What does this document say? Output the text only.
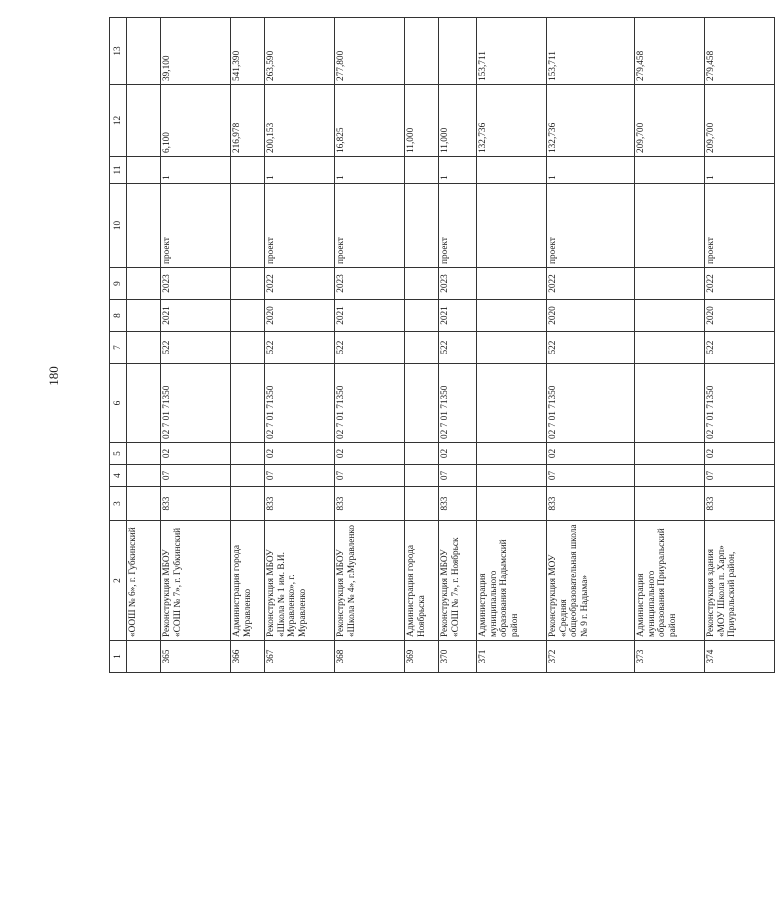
180
1	2	3	4	5	6	7	8	9	10	11	12	13
	«ООШ № 6», г. Губкинский											
365	Реконструкция МБОУ «СОШ № 7», г. Губкинский	833	07	02	02 7 01 71350	522	2021	2023	проект	1	6,100	39,100
366	Администрация города Муравленко										216,978	541,390
367	Реконструкция МБОУ «Школа № 1 им. В.И. Муравленко», г. Муравленко	833	07	02	02 7 01 71350	522	2020	2022	проект	1	200,153	263,590
368	Реконструкция МБОУ «Школа № 4», г.Муравленко	833	07	02	02 7 01 71350	522	2021	2023	проект	1	16,825	277,800
369	Администрация города Ноябрьска										11,000	
370	Реконструкция МБОУ «СОШ № 7», г. Ноябрьск	833	07	02	02 7 01 71350	522	2021	2023	проект	1	11,000	
371	Администрация муниципального образования Надымский район										132,736	153,711
372	Реконструкция МОУ «Средняя общеобразовательная школа № 9 г. Надыма»	833	07	02	02 7 01 71350	522	2020	2022	проект	1	132,736	153,711
373	Администрация муниципального образования Приуральский район										209,700	279,458
374	Реконструкция здания «МОУ Школа п. Харп» Приуральский район,	833	07	02	02 7 01 71350	522	2020	2022	проект	1	209,700	279,458
